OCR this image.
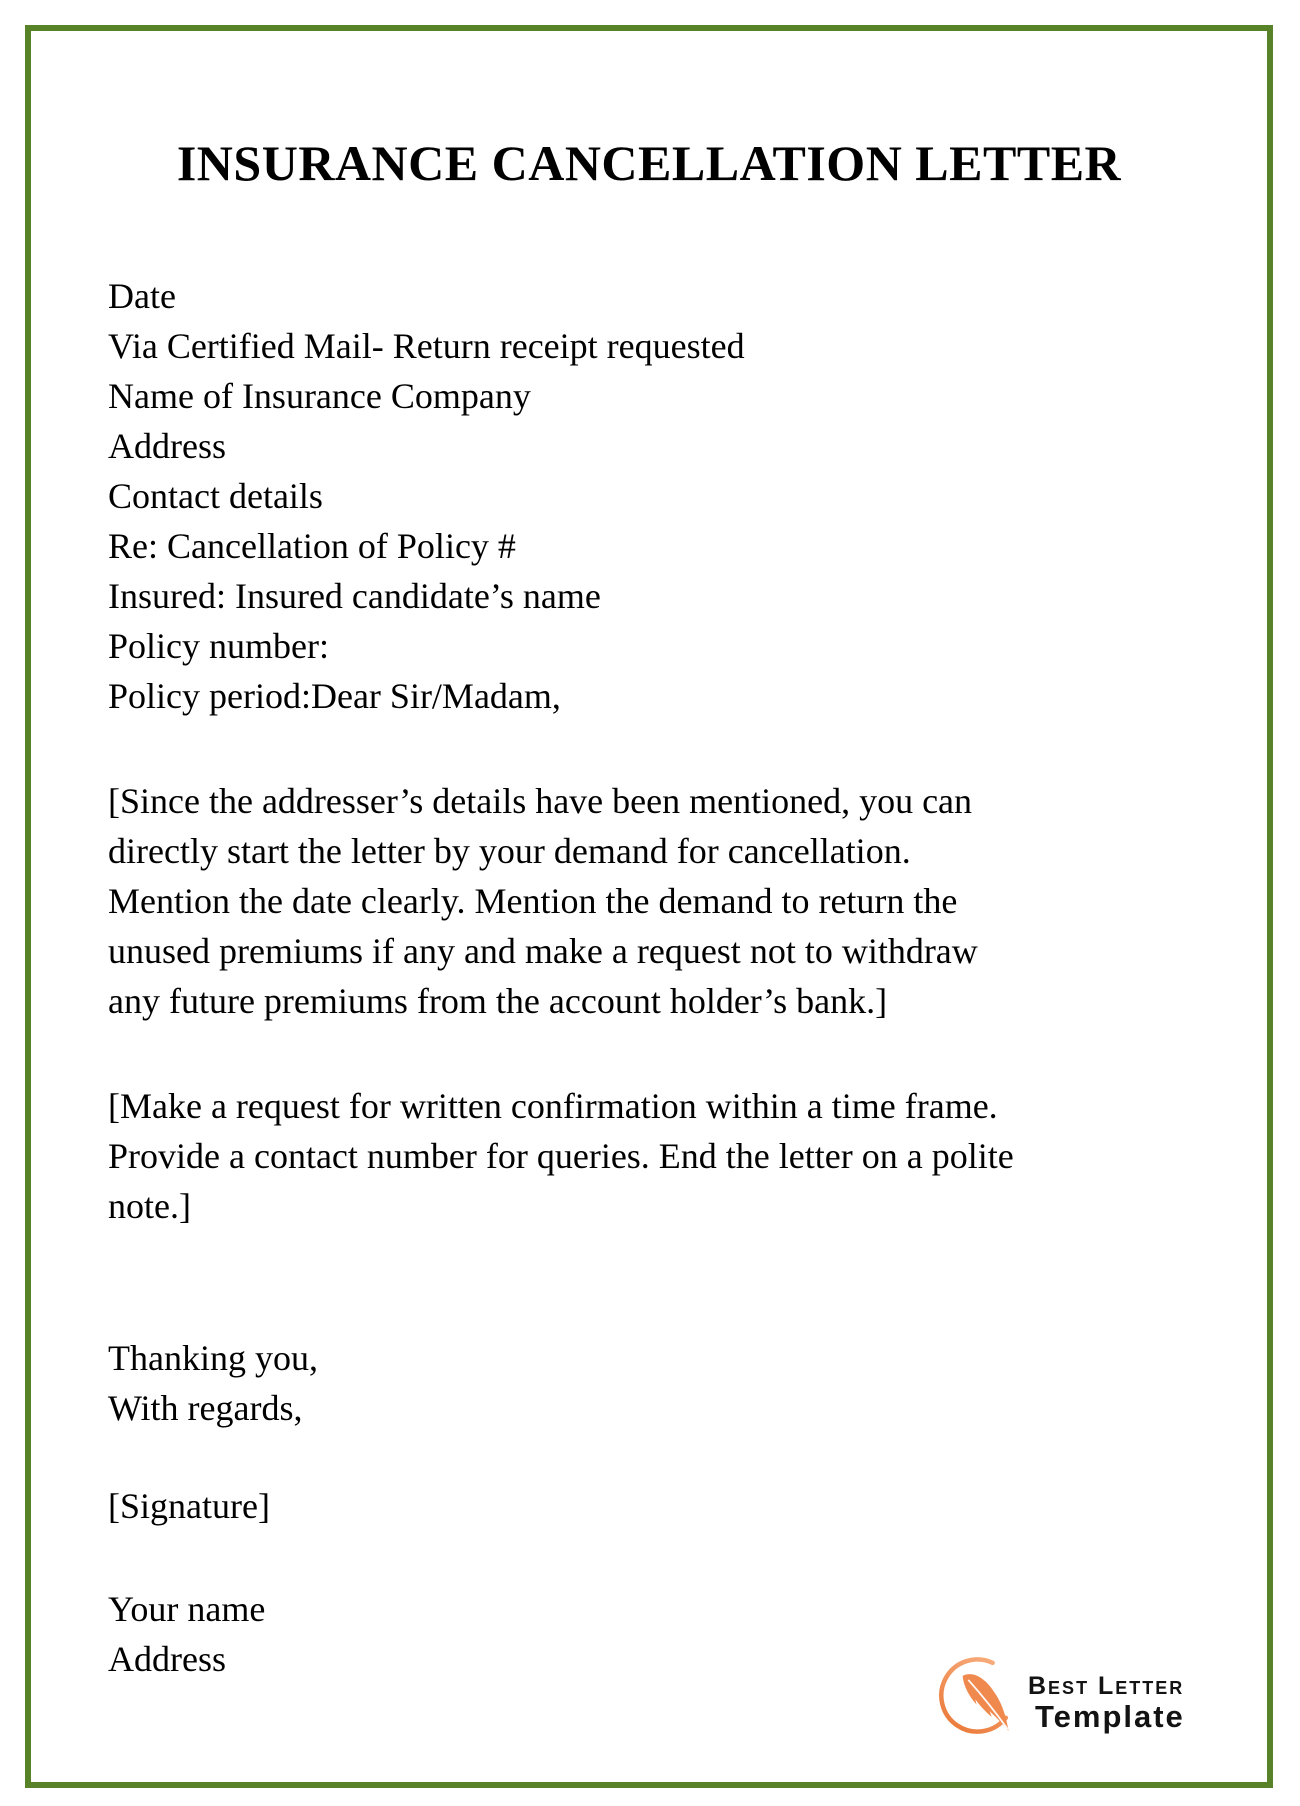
INSURANCE CANCELLATION LETTER
Date
Via Certified Mail- Return receipt requested
Name of Insurance Company
Address
Contact details
Re: Cancellation of Policy #
Insured: Insured candidate’s name
Policy number:
Policy period:Dear Sir/Madam,
[Since the addresser’s details have been mentioned, you can
directly start the letter by your demand for cancellation.
Mention the date clearly. Mention the demand to return the
unused premiums if any and make a request not to withdraw
any future premiums from the account holder’s bank.]
[Make a request for written confirmation within a time frame.
Provide a contact number for queries. End the letter on a polite
note.]
Thanking you,
With regards,
[Signature]
Your name
Address
Best Letter
Template
